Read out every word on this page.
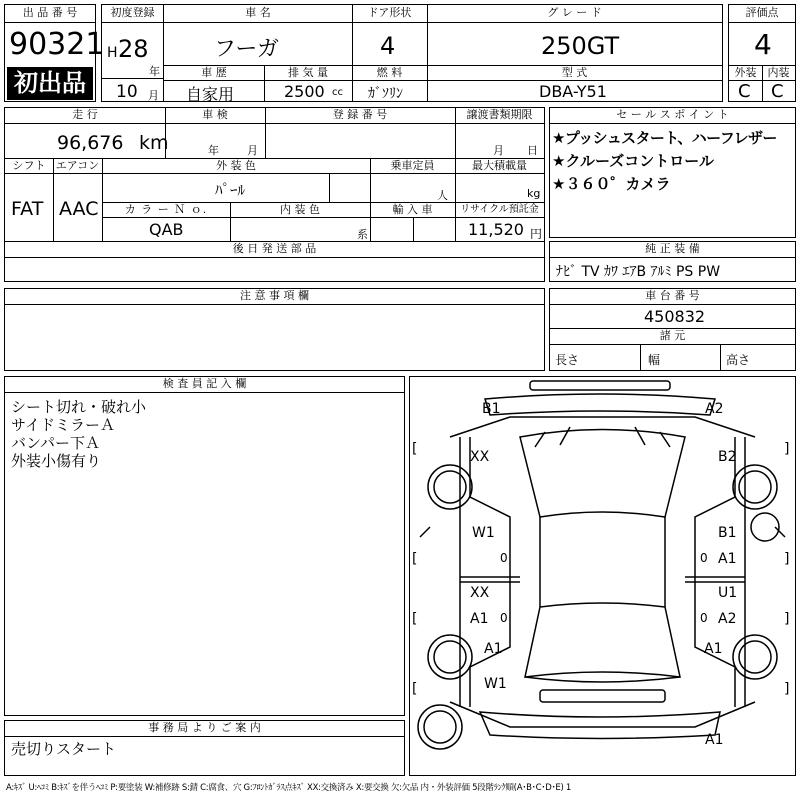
出 品 番 号
90321
初出品
初度登録
H 28
年
10 月
車 名	ドア形状	グ レ ー ド
フーガ	4	250GT
車 歴	排 気 量	燃 料	型 式
自家用	2500 cc ｶﾞｿﾘﾝ	DBA-Y51
評価点
4
外装	内装
C C
走 行	車 検	登 録 番 号	譲渡書類期限
96,676 km	年	月	月 日
シフト エアコン	外 装 色	乗車定員	最大積載量
FAT AAC
ﾊﾟｰﾙ	人	kg
カ ラ ー Ｎ ｏ.	内 装 色	輸 入 車	リサイクル預託金
QAB	系	11,520 円
後 日 発 送 部 品
セ ー ル ス ポ イ ン ト
★プッシュスタート、ハーフレザー
★クルーズコントロール
★３６０゜カメラ
純 正 装 備
ﾅﾋﾞ TV ｶﾜ ｴｱB ｱﾙﾐ PS PW
注 意 事 項 欄	車 台 番 号
450832
諸 元
長さ	幅	高さ
検 査 員 記 入 欄
シート切れ・破れ小
サイドミラーＡ
バンパー下Ａ
外装小傷有り
事 務 局 よ り ご 案 内
売切りスタート
B1	A2
XX	B2
W1	B1
0	0 A1
XX	U1
A1 0	0 A2
A1	A1
W1
A1
[	]
[	]
[	]
[	]
A:ｷｽﾞ U:ﾍｺﾐ B:ｷｽﾞを伴うﾍｺﾐ P:要塗装 W:補修跡 S:錆 C:腐食、穴 G:ﾌﾛﾝﾄｶﾞﾗｽ点ｷｽﾞ XX:交換済み X:要交換 欠:欠品 内・外装評価 5段階ﾗﾝｸ順(A･B･C･D･E) 1
